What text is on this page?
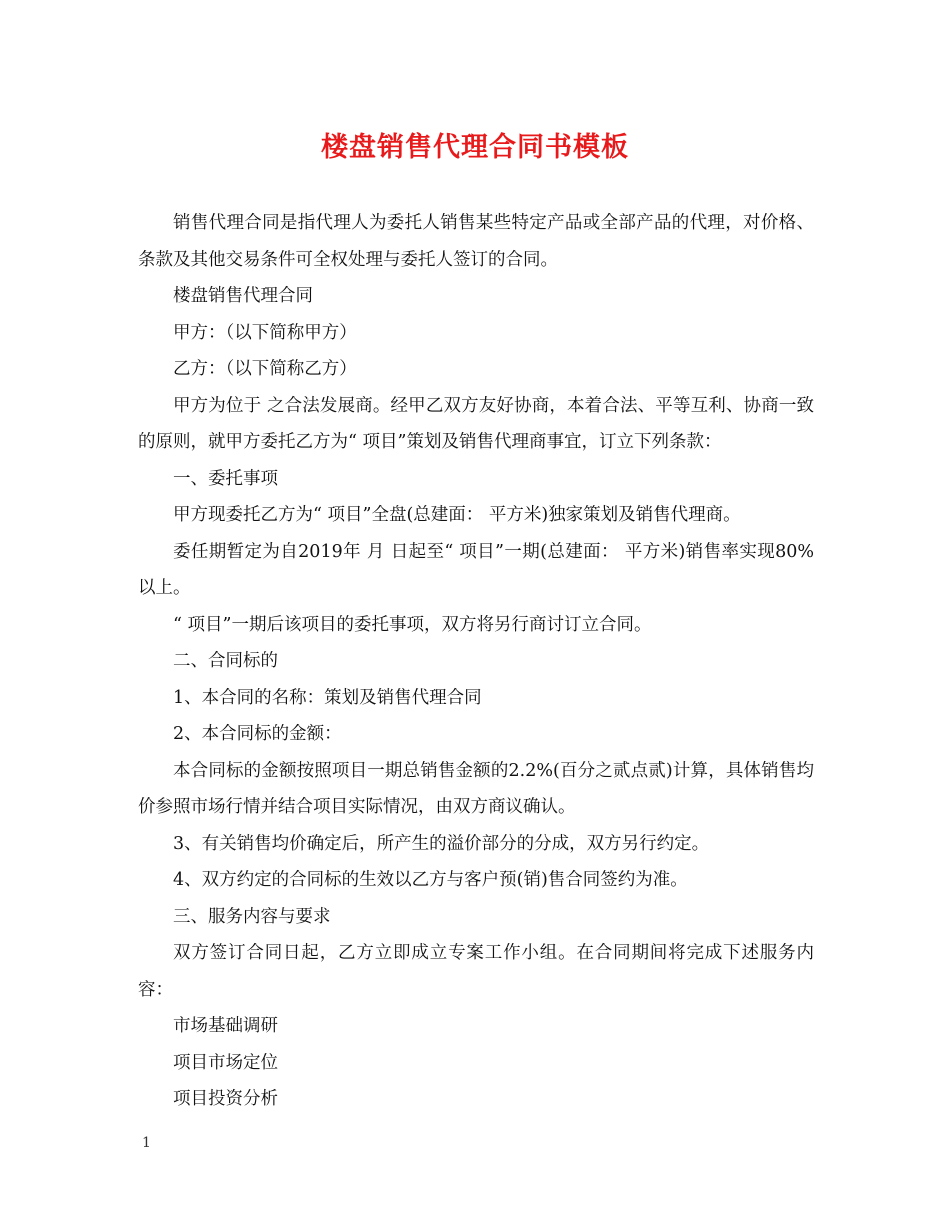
楼盘销售代理合同书模板

销售代理合同是指代理人为委托人销售某些特定产品或全部产品的代理，对价格、条款及其他交易条件可全权处理与委托人签订的合同。

楼盘销售代理合同

甲方：（以下简称甲方）

乙方：（以下简称乙方）

甲方为位于 之合法发展商。经甲乙双方友好协商，本着合法、平等互利、协商一致的原则，就甲方委托乙方为“ 项目”策划及销售代理商事宜，订立下列条款：

一、委托事项

甲方现委托乙方为“ 项目”全盘(总建面： 平方米)独家策划及销售代理商。

委任期暂定为自2019年 月 日起至“ 项目”一期(总建面： 平方米)销售率实现80%以上。

“ 项目”一期后该项目的委托事项，双方将另行商讨订立合同。

二、合同标的

1、本合同的名称：策划及销售代理合同

2、本合同标的金额：

本合同标的金额按照项目一期总销售金额的2.2%(百分之贰点贰)计算，具体销售均价参照市场行情并结合项目实际情况，由双方商议确认。

3、有关销售均价确定后，所产生的溢价部分的分成，双方另行约定。

4、双方约定的合同标的生效以乙方与客户预(销)售合同签约为准。

三、服务内容与要求

双方签订合同日起，乙方立即成立专案工作小组。在合同期间将完成下述服务内容：

市场基础调研

项目市场定位

项目投资分析

1
